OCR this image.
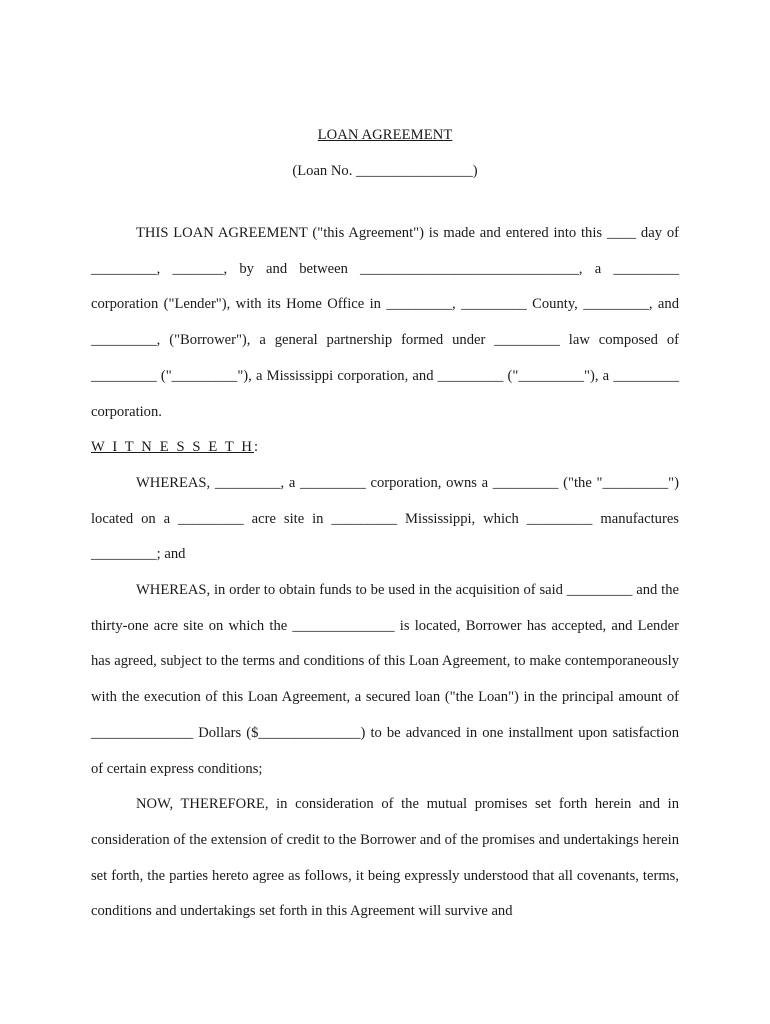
LOAN AGREEMENT
(Loan No. ________________)

THIS LOAN AGREEMENT ("this Agreement") is made and entered into this ____ day of _________, _______, by and between ______________________________, a _________ corporation ("Lender"), with its Home Office in _________, _________ County, _________, and _________, ("Borrower"), a general partnership formed under _________ law composed of _________ ("_________"), a Mississippi corporation, and _________ ("_________"), a _________ corporation.

W I T N E S S E T H:

WHEREAS, _________, a _________ corporation, owns a _________ ("the "_________") located on a _________ acre site in _________ Mississippi, which _________ manufactures _________; and

WHEREAS, in order to obtain funds to be used in the acquisition of said _________ and the thirty-one acre site on which the ______________ is located, Borrower has accepted, and Lender has agreed, subject to the terms and conditions of this Loan Agreement, to make contemporaneously with the execution of this Loan Agreement, a secured loan ("the Loan") in the principal amount of ______________ Dollars ($______________) to be advanced in one installment upon satisfaction of certain express conditions;

NOW, THEREFORE, in consideration of the mutual promises set forth herein and in consideration of the extension of credit to the Borrower and of the promises and undertakings herein set forth, the parties hereto agree as follows, it being expressly understood that all covenants, terms, conditions and undertakings set forth in this Agreement will survive and
